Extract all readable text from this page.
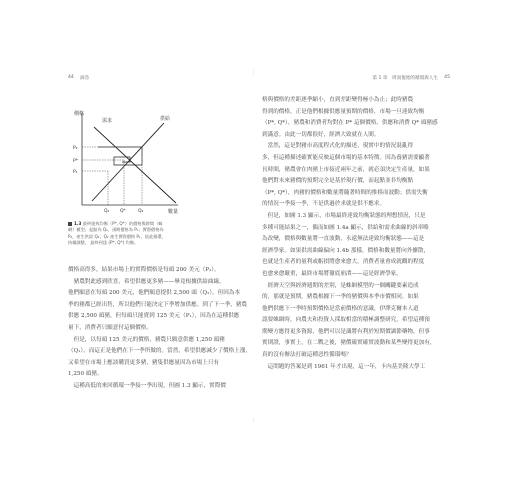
44 滴答
價格
數量
需求	供給
P₂
P*
P₁
Q₁ Q*	Q₂
1.3 最終達致均衡（P*, Q*）的價格與時間（蛛網）模型。起點為 Q₁，預期價格為 P₁；實際價格為 P₂，產生供給 Q₂；Q₂ 產生實際價格 P₁，依此循環，持續調整， 最終到達 (P*, Q*) 均衡。

價格高得多，結果市場上的實際價格是每頭 200 美元（P₂）。

　豬農對此感到欣喜，希望供應更多豬——畢竟根據供給曲線，

他們願意在每頭 200 美元，他們願意提供 2,500 頭（Q₂），但因為本

季的豬都已經出售，所以他們只能決定下季增加供應。到了下一季，豬農

供應 2,500 頭豬，但每頭只能賣到 125 美元（P₁），因為在這種供應

量下，消費者只願意付這個價格。

　但是，以每頭 125 美元的價格，豬農只願意供應 1,250 頭豬

（Q₁），而這正是他們在下一季所做的。當然，希望供應減少了價格上漲，

又希望在市場上應該購買更多豬，豬隻供應量因為市場上只有

1,250 頭豬。

　這種高低的來回循環一季接一季出現，但圖 1.3 顯示，實際價

第 1 章　周而復始的循環與人生 45

格與價格的差距逐季縮小，直到差距變得極小為止；此時豬農

得到的價格，正是他們根據供應量預期的價格，市場一旦達致均衡

（P*, Q*），豬農和消費者均對在 P* 這個價格、供應和消費 Q* 頭豬感

到滿意。由此一切都很好，經濟大致就在人間。

　當然，這是對豬市高度程式化的描述，現實中的情況混亂得

多，但這種描述確實能反映這個市場的基本特徵。因為養豬需要顯著

長時間，豬農會在肉豬上市接近兩年之前，就必須決定生產量，如果

他們對未來豬價的預期完全是基於現行價，而起點並非均衡點

（P*, Q*），肉豬的價格和數量將隨著時間的推移而波動；供需失衡

的情況一季接一季，不是供過於求就是供不應求。

　但是，如圖 1.3 顯示，市場最終達致均衡狀態的理想情況，只是

多種可能結果之一，偶而如圖 1.4a 顯示，供給和需求曲線的斜率略

為改變，價格與數量將一直波動，永遠無法達致均衡狀態——這是

經濟學家。如果供需曲線偏向 1.4b 那樣，價格和數量將向外擴散，

也就是生產者的量利或虧損將愈來愈大，消費者量會成就觀的程度

也愈來愈嚴重，最終市場將徹底崩潰——這是經濟學家。

　經濟天空與經濟週期的差別，是蛛網模型的一個關鍵要素造成

的，那就是預期，豬農根據下一季的豬價與本季市價相同。如果

他們供應下一季時預期價格是當前價格的意識，伊澤克爾本人道

認要蛛網時，向農夫和投資人採取相當的積極調整研究，希望這種預

期變方應得更多資源，他們可以是識將有利於短期價調節藥物，但事

實則證，事實上，在二戰之後，豬價確實確實波動和某些變得更加有，

真的沒有辦法打破這種惡性循環嗎？

　這問題的答案是到 1961 年才出現，這一年，卡內基美隆大學工
